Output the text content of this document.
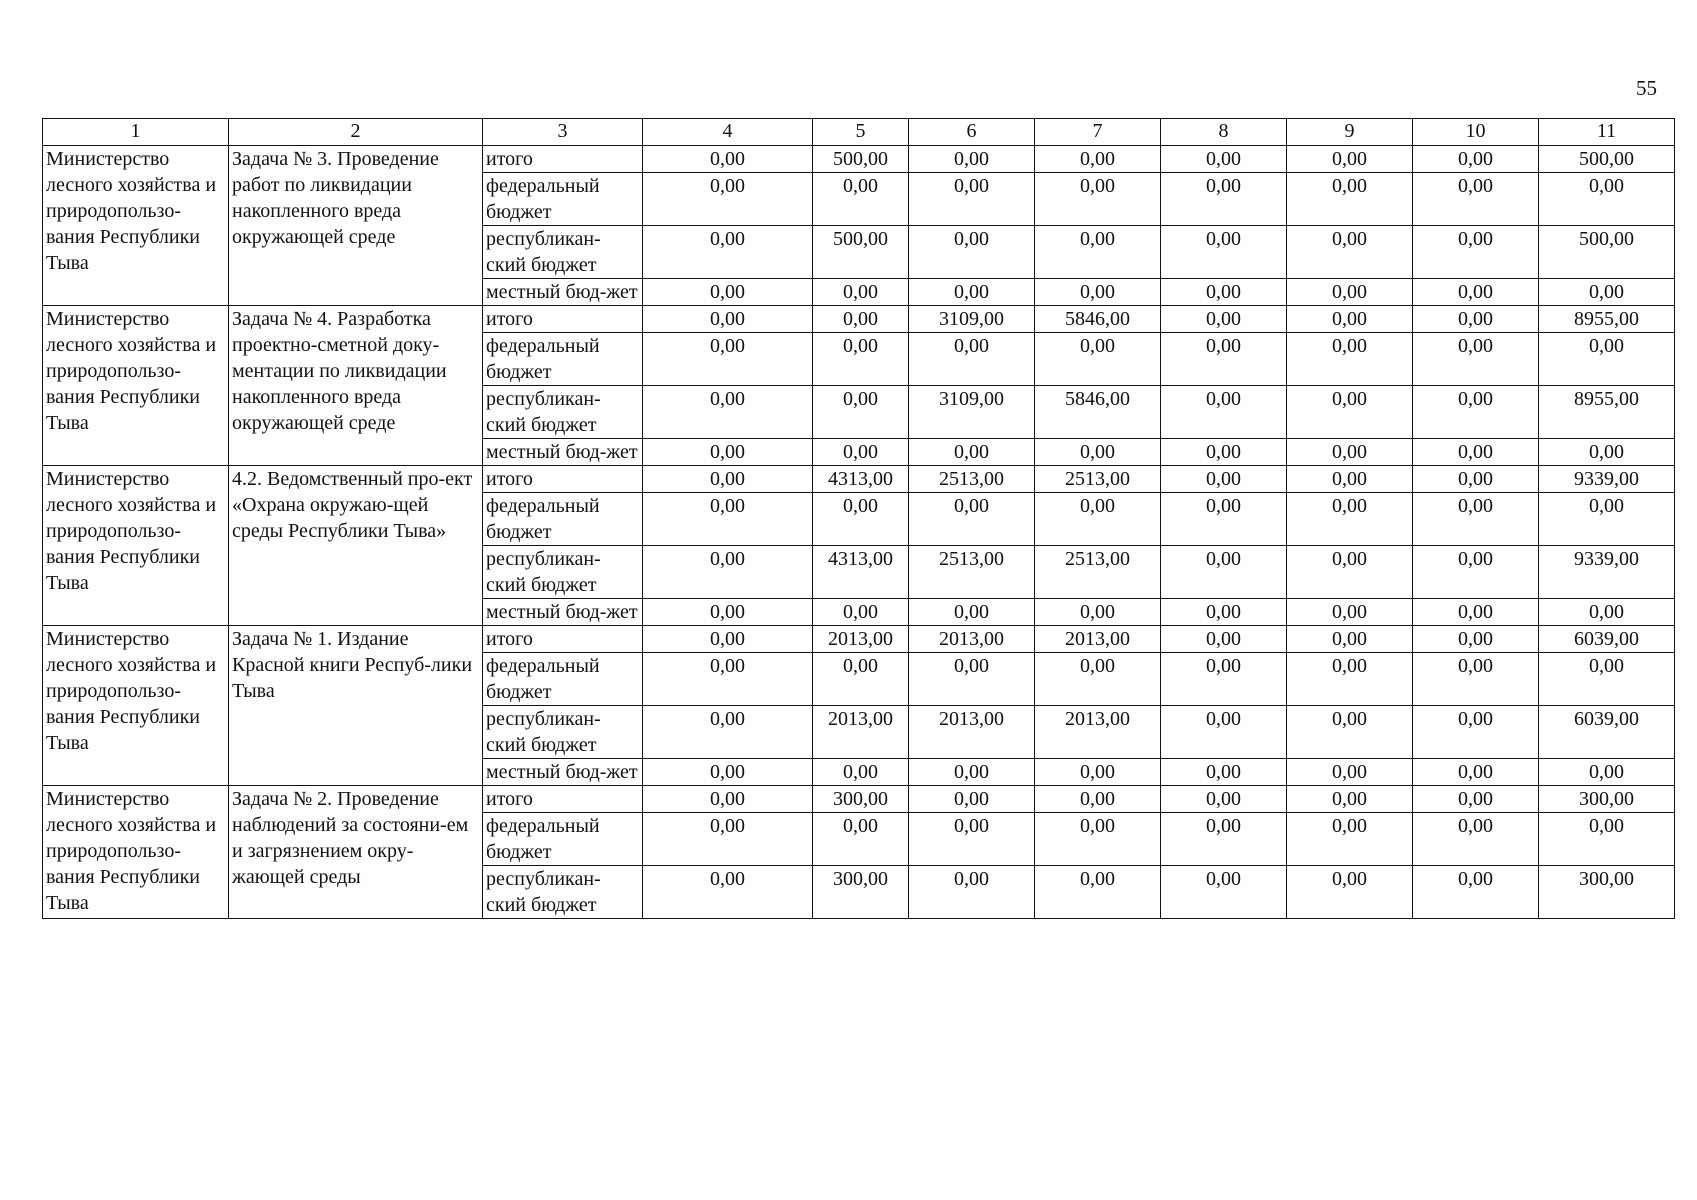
55
1	2	3	4	5	6	7	8	9	10	11
Министерство лесного хозяйства и природопользо-вания Республики Тыва	Задача № 3. Проведение работ по ликвидации накопленного вреда окружающей среде	итого	0,00	500,00	0,00	0,00	0,00	0,00	0,00	500,00
		федеральный бюджет	0,00	0,00	0,00	0,00	0,00	0,00	0,00	0,00
		республикан-ский бюджет	0,00	500,00	0,00	0,00	0,00	0,00	0,00	500,00
		местный бюд-жет	0,00	0,00	0,00	0,00	0,00	0,00	0,00	0,00
Министерство лесного хозяйства и природопользо-вания Республики Тыва	Задача № 4. Разработка проектно-сметной доку-ментации по ликвидации накопленного вреда окружающей среде	итого	0,00	0,00	3109,00	5846,00	0,00	0,00	0,00	8955,00
		федеральный бюджет	0,00	0,00	0,00	0,00	0,00	0,00	0,00	0,00
		республикан-ский бюджет	0,00	0,00	3109,00	5846,00	0,00	0,00	0,00	8955,00
		местный бюд-жет	0,00	0,00	0,00	0,00	0,00	0,00	0,00	0,00
Министерство лесного хозяйства и природопользо-вания Республики Тыва	4.2. Ведомственный про-ект «Охрана окружаю-щей среды Республики Тыва»	итого	0,00	4313,00	2513,00	2513,00	0,00	0,00	0,00	9339,00
		федеральный бюджет	0,00	0,00	0,00	0,00	0,00	0,00	0,00	0,00
		республикан-ский бюджет	0,00	4313,00	2513,00	2513,00	0,00	0,00	0,00	9339,00
		местный бюд-жет	0,00	0,00	0,00	0,00	0,00	0,00	0,00	0,00
Министерство лесного хозяйства и природопользо-вания Республики Тыва	Задача № 1. Издание Красной книги Респуб-лики Тыва	итого	0,00	2013,00	2013,00	2013,00	0,00	0,00	0,00	6039,00
		федеральный бюджет	0,00	0,00	0,00	0,00	0,00	0,00	0,00	0,00
		республикан-ский бюджет	0,00	2013,00	2013,00	2013,00	0,00	0,00	0,00	6039,00
		местный бюд-жет	0,00	0,00	0,00	0,00	0,00	0,00	0,00	0,00
Министерство лесного хозяйства и природопользо-вания Республики Тыва	Задача № 2. Проведение наблюдений за состояни-ем и загрязнением окру-жающей среды	итого	0,00	300,00	0,00	0,00	0,00	0,00	0,00	300,00
		федеральный бюджет	0,00	0,00	0,00	0,00	0,00	0,00	0,00	0,00
		республикан-ский бюджет	0,00	300,00	0,00	0,00	0,00	0,00	0,00	300,00
